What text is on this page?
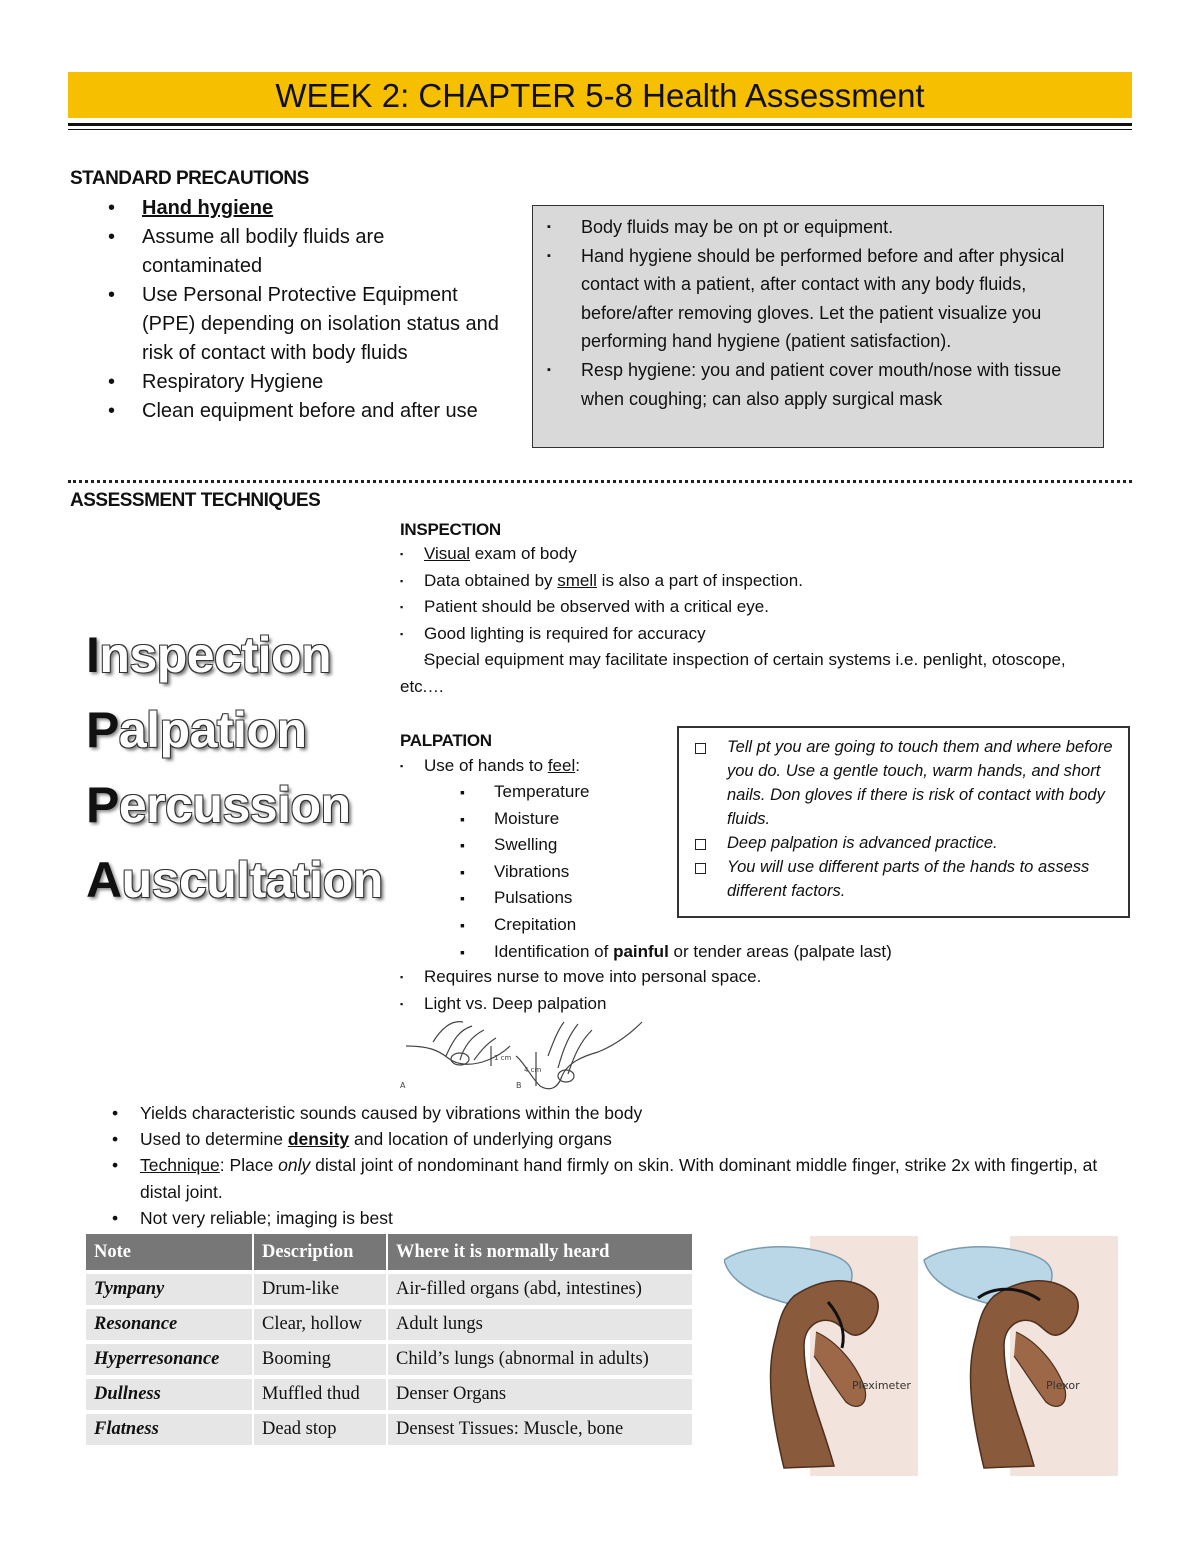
WEEK 2: CHAPTER 5-8 Health Assessment
STANDARD PRECAUTIONS
• Hand hygiene
• Assume all bodily fluids are contaminated
• Use Personal Protective Equipment (PPE) depending on isolation status and risk of contact with body fluids
• Respiratory Hygiene
• Clean equipment before and after use
▪ Body fluids may be on pt or equipment.
▪ Hand hygiene should be performed before and after physical contact with a patient, after contact with any body fluids, before/after removing gloves. Let the patient visualize you performing hand hygiene (patient satisfaction).
▪ Resp hygiene: you and patient cover mouth/nose with tissue when coughing; can also apply surgical mask
ASSESSMENT TECHNIQUES
Inspection
Palpation
Percussion
Auscultation
INSPECTION
▪ Visual exam of body
▪ Data obtained by smell is also a part of inspection.
▪ Patient should be observed with a critical eye.
▪ Good lighting is required for accuracy
▪ Special equipment may facilitate inspection of certain systems i.e. penlight, otoscope, etc.…
PALPATION
▪ Use of hands to feel:
▪ Temperature
▪ Moisture
▪ Swelling
▪ Vibrations
▪ Pulsations
▪ Crepitation
▪ Identification of painful or tender areas (palpate last)
▪ Requires nurse to move into personal space.
▪ Light vs. Deep palpation
Tell pt you are going to touch them and where before you do. Use a gentle touch, warm hands, and short nails. Don gloves if there is risk of contact with body fluids.
Deep palpation is advanced practice.
You will use different parts of the hands to assess different factors.
1 cm
4 cm
A	B
• Yields characteristic sounds caused by vibrations within the body
• Used to determine density and location of underlying organs
• Technique: Place only distal joint of nondominant hand firmly on skin. With dominant middle finger, strike 2x with fingertip, at distal joint.
• Not very reliable; imaging is best
Note	Description	Where it is normally heard
Tympany	Drum-like	Air-filled organs (abd, intestines)
Resonance	Clear, hollow	Adult lungs
Hyperresonance	Booming	Child’s lungs (abnormal in adults)
Dullness	Muffled thud	Denser Organs
Flatness	Dead stop	Densest Tissues: Muscle, bone
Pleximeter	Plexor
